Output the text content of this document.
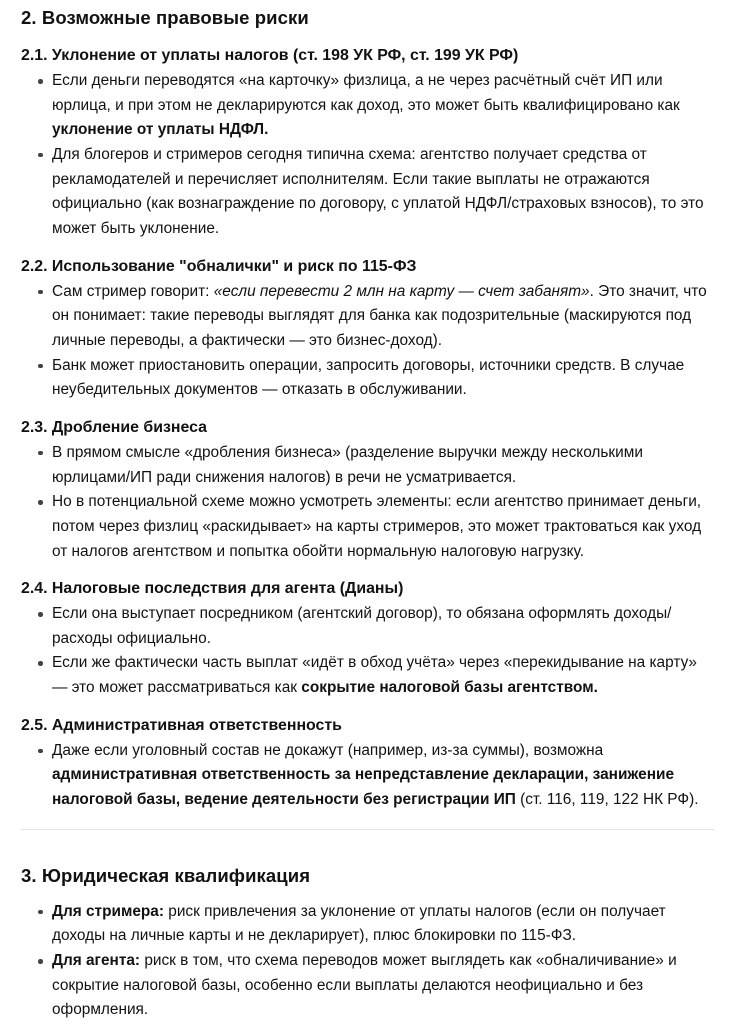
2. Возможные правовые риски
2.1. Уклонение от уплаты налогов (ст. 198 УК РФ, ст. 199 УК РФ)
Если деньги переводятся «на карточку» физлица, а не через расчётный счёт ИП или юрлица, и при этом не декларируются как доход, это может быть квалифицировано как уклонение от уплаты НДФЛ.
Для блогеров и стримеров сегодня типична схема: агентство получает средства от рекламодателей и перечисляет исполнителям. Если такие выплаты не отражаются официально (как вознаграждение по договору, с уплатой НДФЛ/страховых взносов), то это может быть уклонение.
2.2. Использование "обналички" и риск по 115-ФЗ
Сам стример говорит: «если перевести 2 млн на карту — счет забанят». Это значит, что он понимает: такие переводы выглядят для банка как подозрительные (маскируются под личные переводы, а фактически — это бизнес-доход).
Банк может приостановить операции, запросить договоры, источники средств. В случае неубедительных документов — отказать в обслуживании.
2.3. Дробление бизнеса
В прямом смысле «дробления бизнеса» (разделение выручки между несколькими юрлицами/ИП ради снижения налогов) в речи не усматривается.
Но в потенциальной схеме можно усмотреть элементы: если агентство принимает деньги, потом через физлиц «раскидывает» на карты стримеров, это может трактоваться как уход от налогов агентством и попытка обойти нормальную налоговую нагрузку.
2.4. Налоговые последствия для агента (Дианы)
Если она выступает посредником (агентский договор), то обязана оформлять доходы/расходы официально.
Если же фактически часть выплат «идёт в обход учёта» через «перекидывание на карту» — это может рассматриваться как сокрытие налоговой базы агентством.
2.5. Административная ответственность
Даже если уголовный состав не докажут (например, из-за суммы), возможна административная ответственность за непредставление декларации, занижение налоговой базы, ведение деятельности без регистрации ИП (ст. 116, 119, 122 НК РФ).
3. Юридическая квалификация
Для стримера: риск привлечения за уклонение от уплаты налогов (если он получает доходы на личные карты и не декларирует), плюс блокировки по 115-ФЗ.
Для агента: риск в том, что схема переводов может выглядеть как «обналичивание» и сокрытие налоговой базы, особенно если выплаты делаются неофициально и без оформления.
